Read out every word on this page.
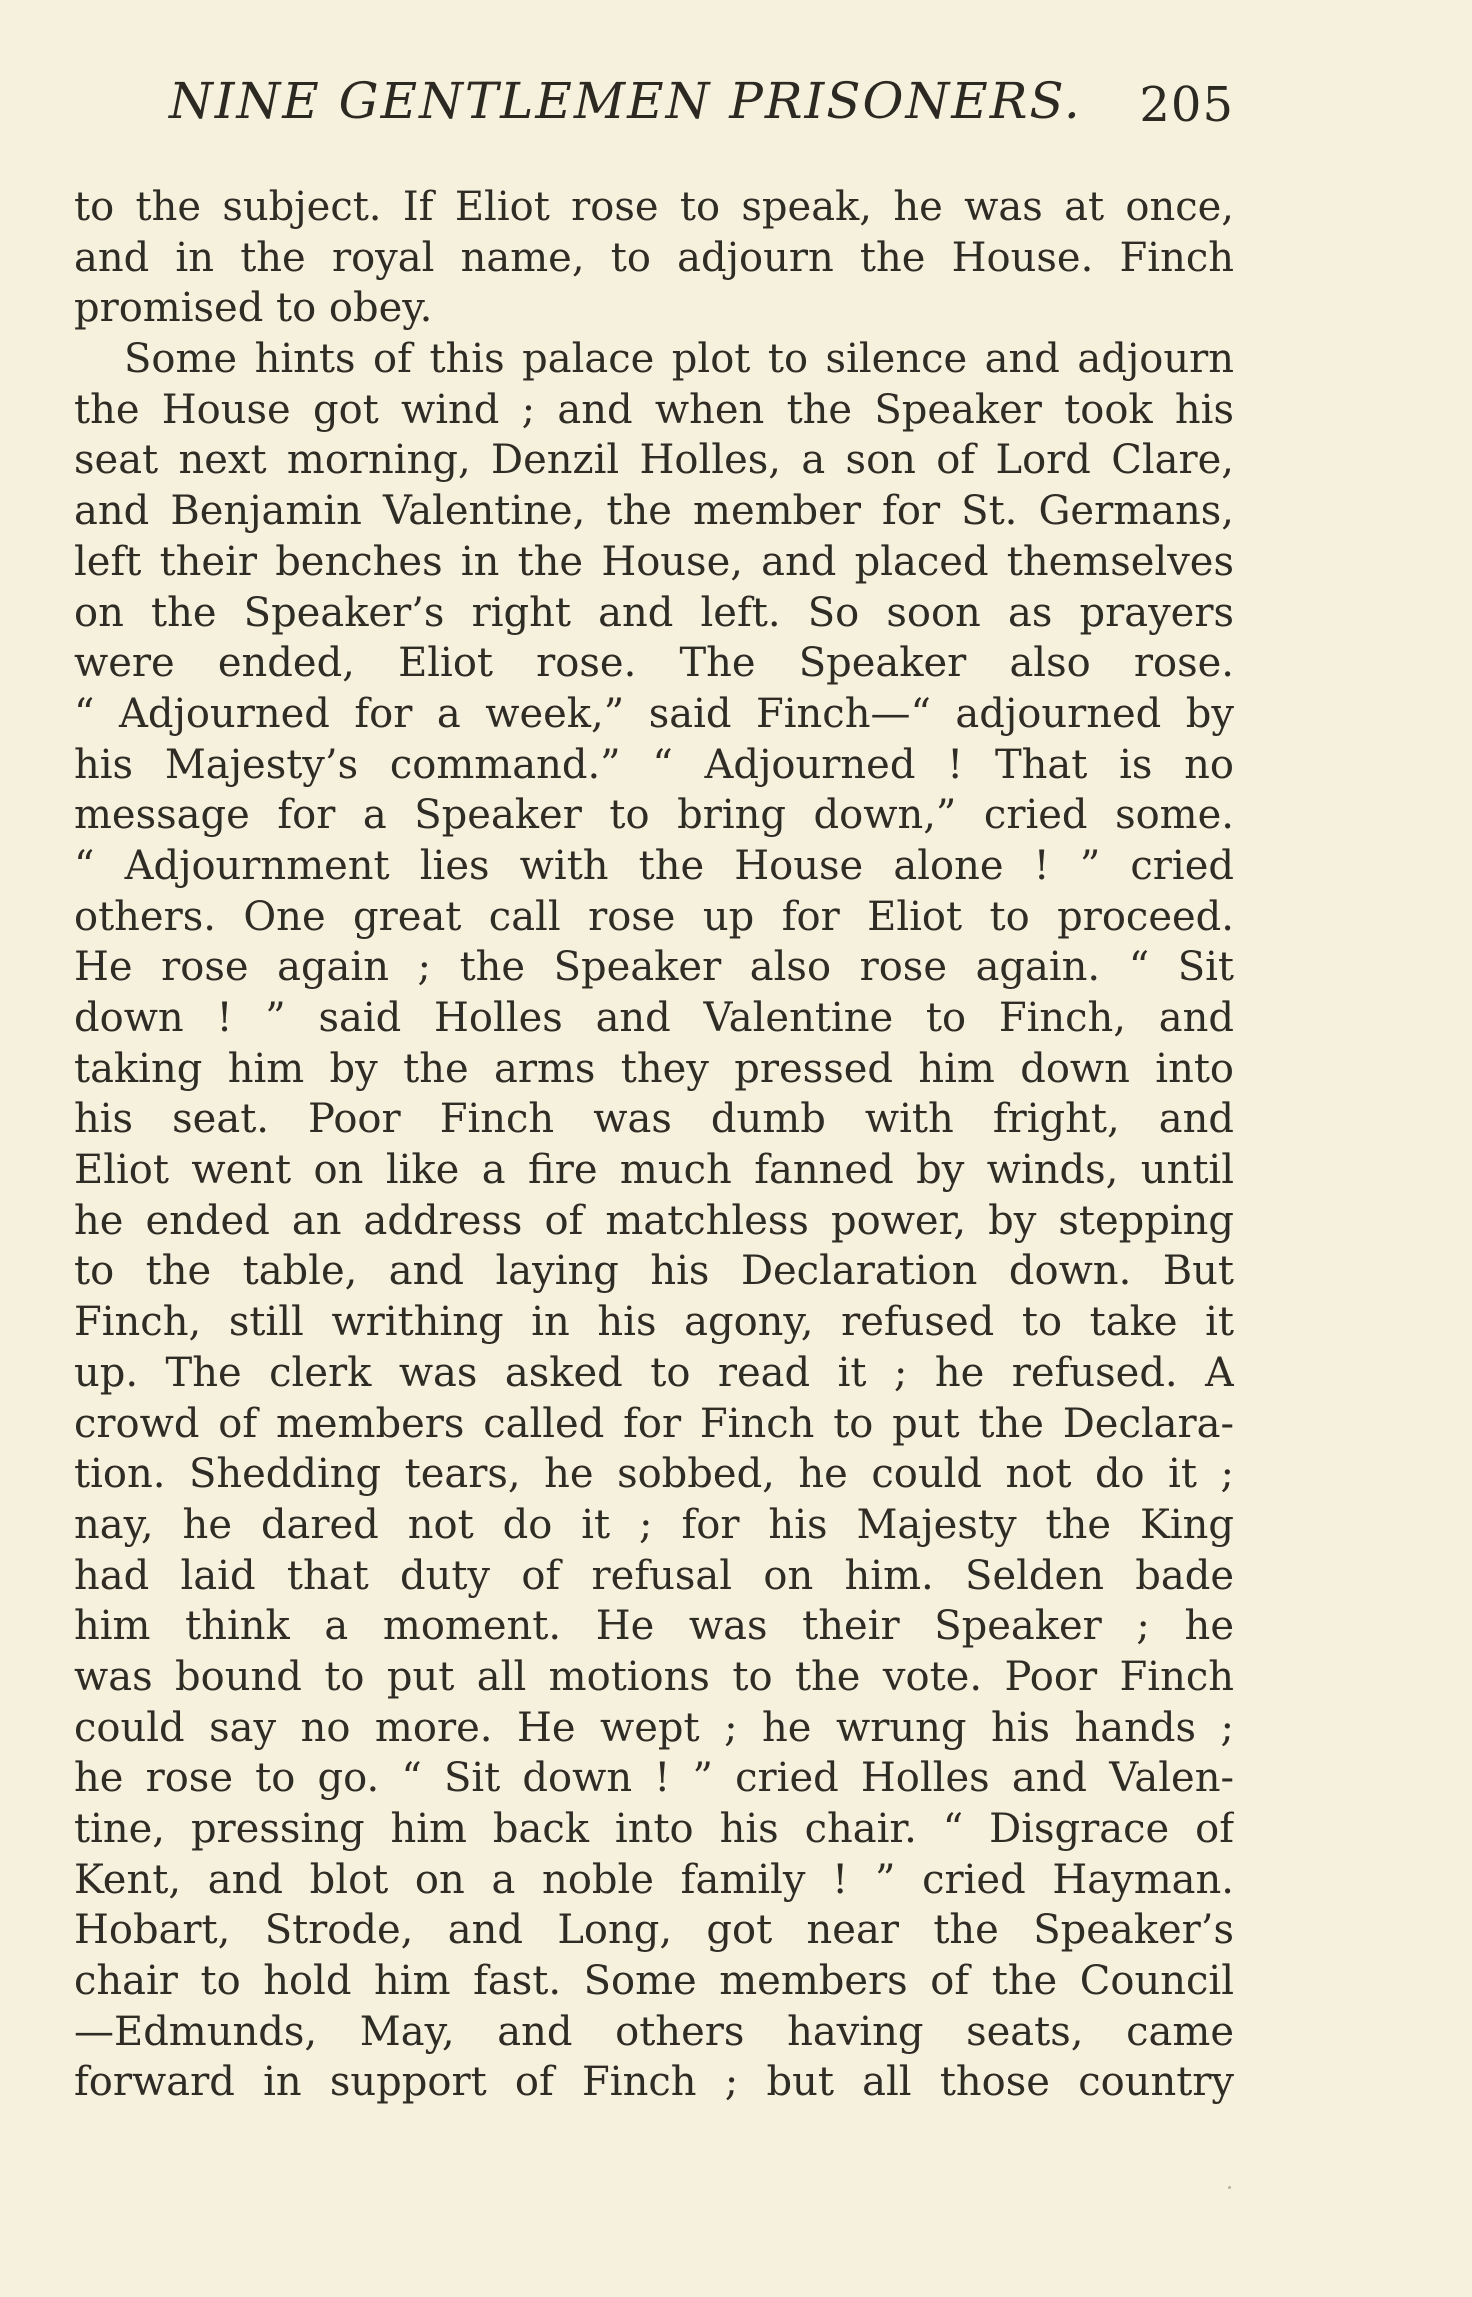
NINE GENTLEMEN PRISONERS. 205
to the subject. If Eliot rose to speak, he was at once,
and in the royal name, to adjourn the House. Finch
promised to obey.
Some hints of this palace plot to silence and adjourn
the House got wind ; and when the Speaker took his
seat next morning, Denzil Holles, a son of Lord Clare,
and Benjamin Valentine, the member for St. Germans,
left their benches in the House, and placed themselves
on the Speaker’s right and left. So soon as prayers
were ended, Eliot rose. The Speaker also rose.
“ Adjourned for a week,” said Finch—“ adjourned by
his Majesty’s command.” “ Adjourned ! That is no
message for a Speaker to bring down,” cried some.
“ Adjournment lies with the House alone ! ” cried
others. One great call rose up for Eliot to proceed.
He rose again ; the Speaker also rose again. “ Sit
down ! ” said Holles and Valentine to Finch, and
taking him by the arms they pressed him down into
his seat. Poor Finch was dumb with fright, and
Eliot went on like a fire much fanned by winds, until
he ended an address of matchless power, by stepping
to the table, and laying his Declaration down. But
Finch, still writhing in his agony, refused to take it
up. The clerk was asked to read it ; he refused. A
crowd of members called for Finch to put the Declara-
tion. Shedding tears, he sobbed, he could not do it ;
nay, he dared not do it ; for his Majesty the King
had laid that duty of refusal on him. Selden bade
him think a moment. He was their Speaker ; he
was bound to put all motions to the vote. Poor Finch
could say no more. He wept ; he wrung his hands ;
he rose to go. “ Sit down ! ” cried Holles and Valen-
tine, pressing him back into his chair. “ Disgrace of
Kent, and blot on a noble family ! ” cried Hayman.
Hobart, Strode, and Long, got near the Speaker’s
chair to hold him fast. Some members of the Council
—Edmunds, May, and others having seats, came
forward in support of Finch ; but all those country
